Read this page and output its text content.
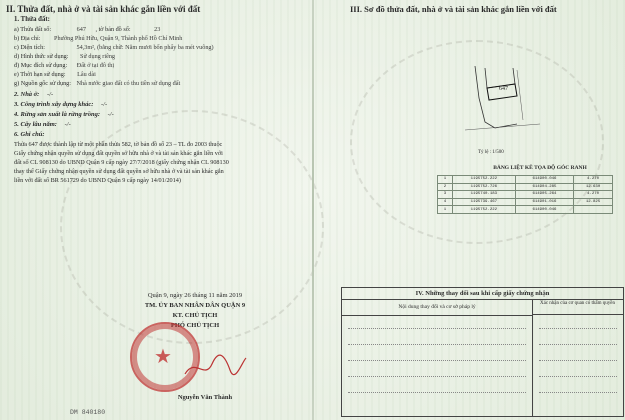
II. Thửa đất, nhà ở và tài sản khác gắn liền với đất
1. Thửa đất:
a) Thửa đất số:	647 , tờ bản đồ số:	23
b) Địa chỉ: Phường Phú Hữu, Quận 9, Thành phố Hồ Chí Minh
c) Diện tích:	54,3m², (bằng chữ: Năm mươi bốn phẩy ba mét vuông)
d) Hình thức sử dụng: Sử dụng riêng
đ) Mục đích sử dụng: Đất ở tại đô thị
e) Thời hạn sử dụng: Lâu dài
g) Nguồn gốc sử dụng: Nhà nước giao đất có thu tiền sử dụng đất
2. Nhà ở: -/-
3. Công trình xây dựng khác: -/-
4. Rừng sản xuất là rừng trồng: -/-
5. Cây lâu năm: -/-
6. Ghi chú:
Thửa 647 được thành lập từ một phần thửa 582, tờ bản đồ số 23 – TL đo 2003 thuộc
Giấy chứng nhận quyền sử dụng đất quyền sở hữu nhà ở và tài sản khác gắn liền với
đất số CL 908130 do UBND Quận 9 cấp ngày 27/7/2018 (giấy chứng nhận CL 908130
thay thế Giấy chứng nhận quyền sử dụng đất quyền sở hữu nhà ở và tài sản khác gắn
liền với đất số BR 561729 do UBND Quận 9 cấp ngày 14/01/2014)
Quận 9, ngày 26 tháng 11 năm 2019
TM. ỦY BAN NHÂN DÂN QUẬN 9
KT. CHỦ TỊCH
PHÓ CHỦ TỊCH
★
Nguyễn Văn Thành
DM 840180
III. Sơ đồ thửa đất, nhà ở và tài sản khác gắn liền với đất
647
Tỷ lệ : 1/500
BẢNG LIỆT KÊ TỌA ĐỘ GÓC RANH
1	1195752.222	614900.046	4.270
2	1195752.726	614904.285	12.630
3	1195740.183	614905.264	4.270
4	1195739.467	614901.016	12.825
1	1195752.222	614900.046	
IV. Những thay đổi sau khi cấp giấy chứng nhận
Nội dung thay đổi và cơ sở pháp lý
Xác nhận của cơ quan có thẩm quyền
